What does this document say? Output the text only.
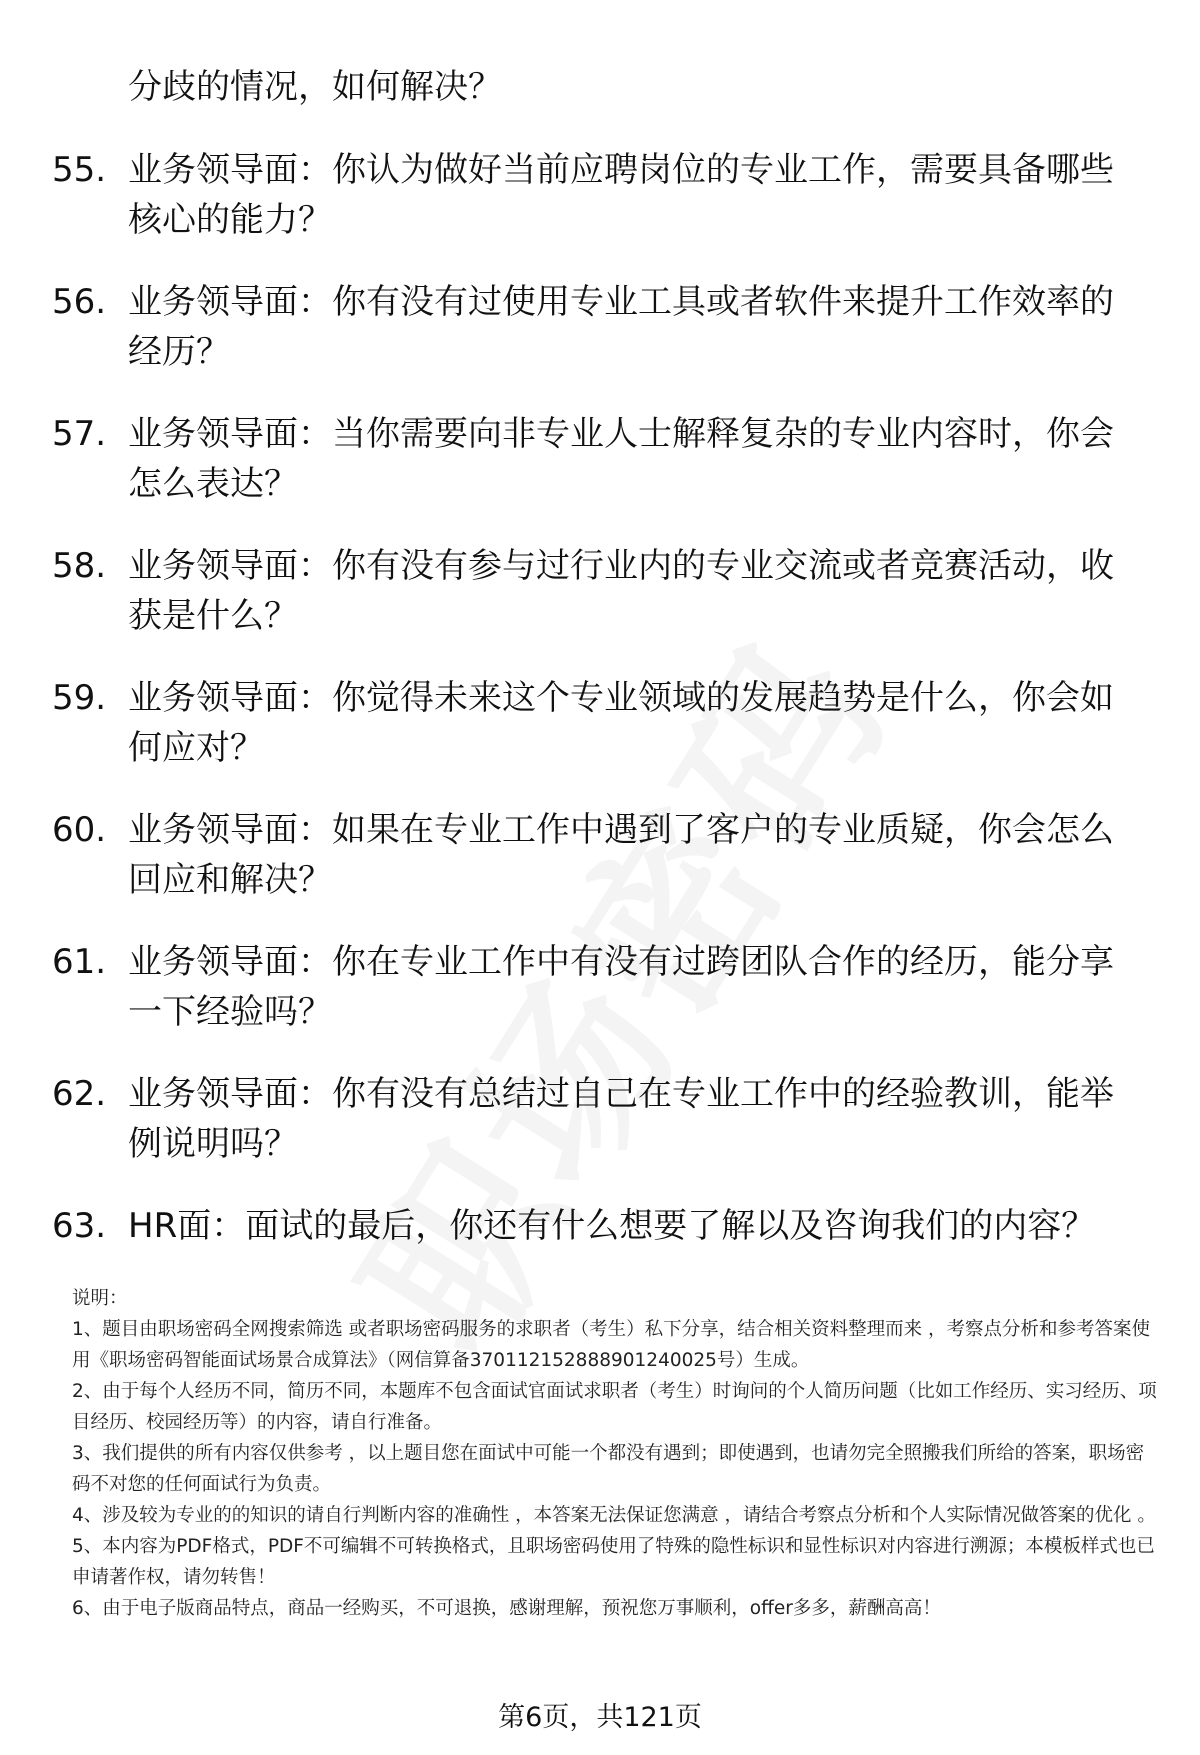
分歧的情况，如何解决？
55. 业务领导面：你认为做好当前应聘岗位的专业工作，需要具备哪些核心的能力？
56. 业务领导面：你有没有过使用专业工具或者软件来提升工作效率的经历？
57. 业务领导面：当你需要向非专业人士解释复杂的专业内容时，你会怎么表达？
58. 业务领导面：你有没有参与过行业内的专业交流或者竞赛活动，收获是什么？
59. 业务领导面：你觉得未来这个专业领域的发展趋势是什么，你会如何应对？
60. 业务领导面：如果在专业工作中遇到了客户的专业质疑，你会怎么回应和解决？
61. 业务领导面：你在专业工作中有没有过跨团队合作的经历，能分享一下经验吗？
62. 业务领导面：你有没有总结过自己在专业工作中的经验教训，能举例说明吗？
63. HR面：面试的最后，你还有什么想要了解以及咨询我们的内容？

说明：

1、题目由职场密码全网搜索筛选 或者职场密码服务的求职者（考生）私下分享，结合相关资料整理而来 ，考察点分析和参考答案使用《职场密码智能面试场景合成算法》（网信算备370112152888901240025号）生成。

2、由于每个人经历不同，简历不同，本题库不包含面试官面试求职者（考生）时询问的个人简历问题（比如工作经历、实习经历、项目经历、校园经历等）的内容，请自行准备。

3、我们提供的所有内容仅供参考 ，以上题目您在面试中可能一个都没有遇到；即使遇到，也请勿完全照搬我们所给的答案，职场密码不对您的任何面试行为负责。

4、涉及较为专业的的知识的请自行判断内容的准确性 ，本答案无法保证您满意 ，请结合考察点分析和个人实际情况做答案的优化 。

5、本内容为PDF格式，PDF不可编辑不可转换格式，且职场密码使用了特殊的隐性标识和显性标识对内容进行溯源；本模板样式也已申请著作权，请勿转售！

6、由于电子版商品特点，商品一经购买，不可退换，感谢理解，预祝您万事顺利，offer多多，薪酬高高！

第6页，共121页
